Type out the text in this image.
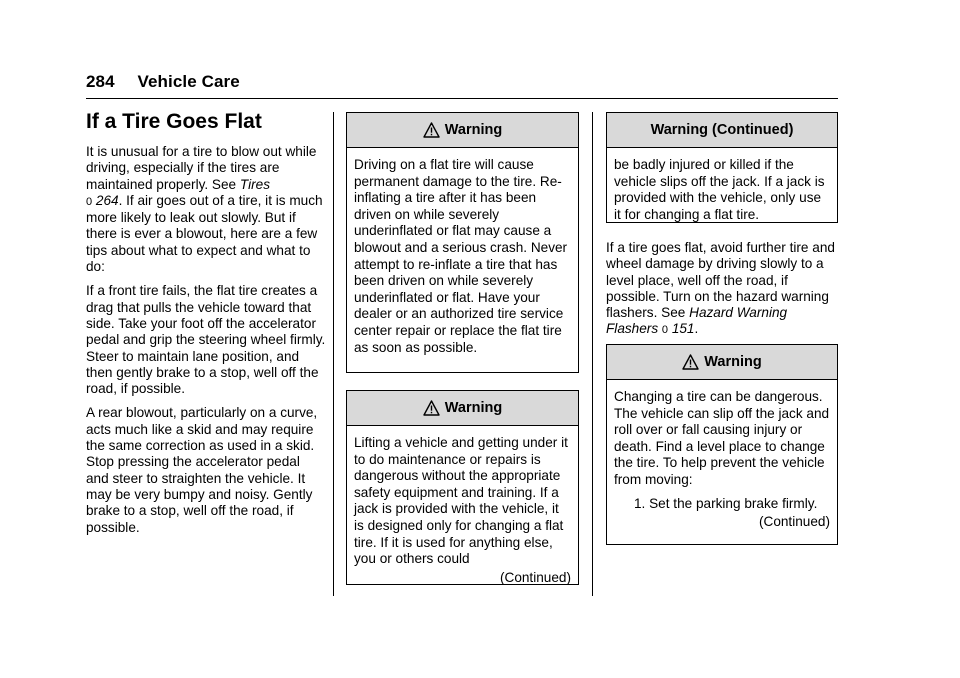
284 Vehicle Care
If a Tire Goes Flat

It is unusual for a tire to blow out while driving, especially if the tires are maintained properly. See Tires
0 264. If air goes out of a tire, it is much more likely to leak out slowly. But if there is ever a blowout, here are a few tips about what to expect and what to do:

If a front tire fails, the flat tire creates a drag that pulls the vehicle toward that side. Take your foot off the accelerator pedal and grip the steering wheel firmly. Steer to maintain lane position, and then gently brake to a stop, well off the road, if possible.

A rear blowout, particularly on a curve, acts much like a skid and may require the same correction as used in a skid. Stop pressing the accelerator pedal and steer to straighten the vehicle. It may be very bumpy and noisy. Gently brake to a stop, well off the road, if possible.

Warning

Driving on a flat tire will cause permanent damage to the tire. Re-inflating a tire after it has been driven on while severely underinflated or flat may cause a blowout and a serious crash. Never attempt to re-inflate a tire that has been driven on while severely underinflated or flat. Have your dealer or an authorized tire service center repair or replace the flat tire as soon as possible.

Warning

Lifting a vehicle and getting under it to do maintenance or repairs is dangerous without the appropriate safety equipment and training. If a jack is provided with the vehicle, it is designed only for changing a flat tire. If it is used for anything else, you or others could

(Continued)
Warning (Continued)

be badly injured or killed if the vehicle slips off the jack. If a jack is provided with the vehicle, only use it for changing a flat tire.

If a tire goes flat, avoid further tire and wheel damage by driving slowly to a level place, well off the road, if possible. Turn on the hazard warning flashers. See Hazard Warning Flashers 0 151.

Warning

Changing a tire can be dangerous. The vehicle can slip off the jack and roll over or fall causing injury or death. Find a level place to change the tire. To help prevent the vehicle from moving:

1. Set the parking brake firmly.
(Continued)
